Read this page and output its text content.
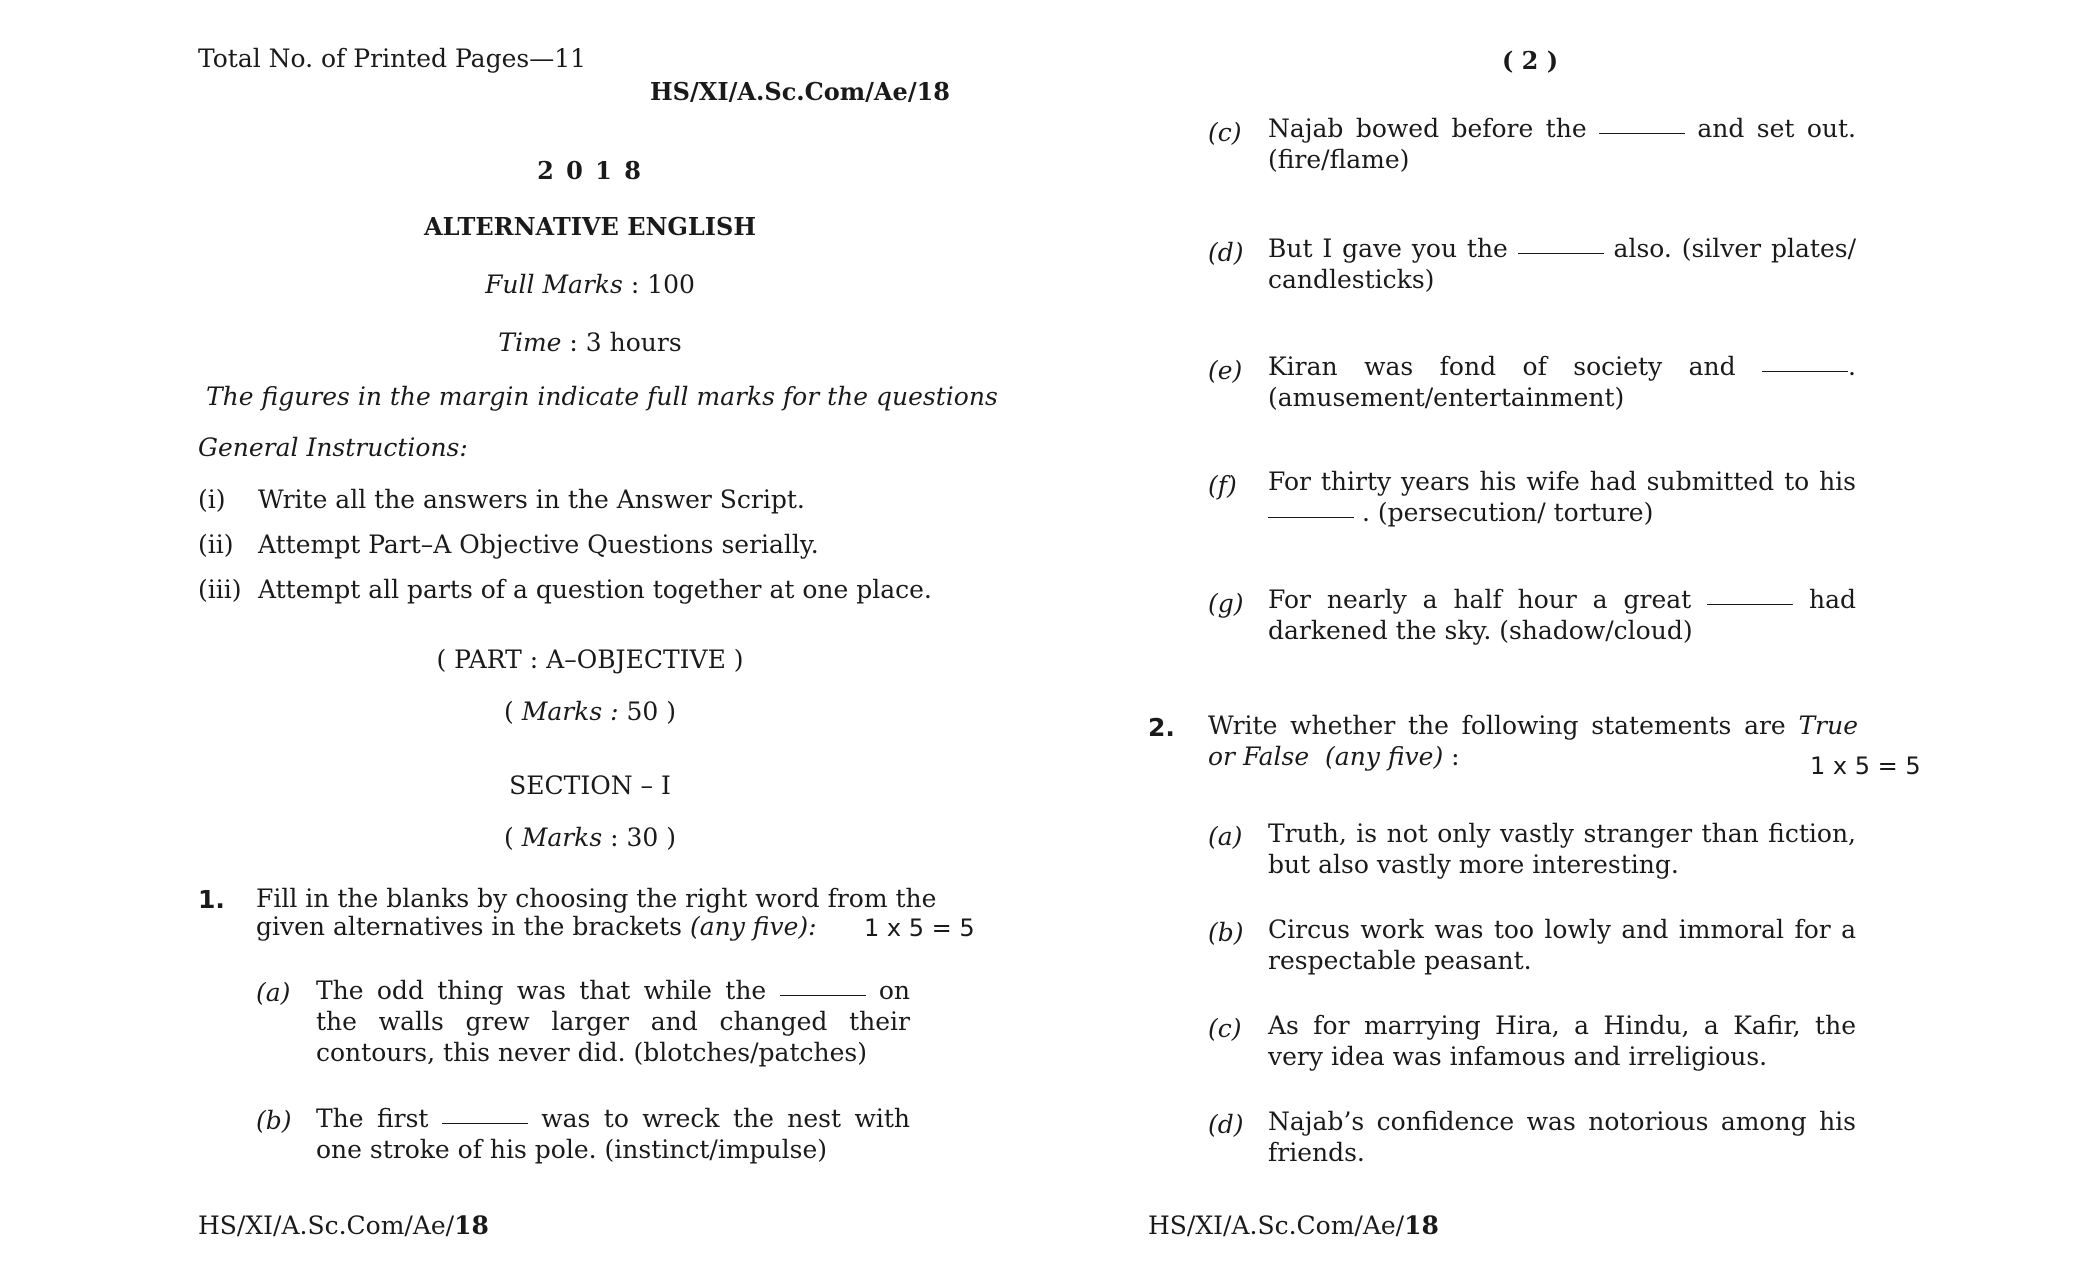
Total No. of Printed Pages—11
HS/XI/A.Sc.Com/Ae/18
2 0 1 8
ALTERNATIVE ENGLISH
Full Marks : 100
Time : 3 hours
The figures in the margin indicate full marks for the questions
General Instructions:
(i) Write all the answers in the Answer Script.
(ii) Attempt Part–A Objective Questions serially.
(iii) Attempt all parts of a question together at one place.
( PART : A–OBJECTIVE )
( Marks : 50 )
SECTION – I
( Marks : 30 )
1. Fill in the blanks by choosing the right word from the
given alternatives in the brackets (any five): 1 x 5 = 5
(a) The odd thing was that while the	on the walls grew larger and changed their contours, this never did. (blotches/patches)
(b) The first	was to wreck the nest with one stroke of his pole. (instinct/impulse)
HS/XI/A.Sc.Com/Ae/18
( 2 )
(c) Najab bowed before the	and set out. (fire/flame)
(d) But I gave you the	also. (silver plates/ candlesticks)
(e) Kiran was fond of society and	. (amusement/entertainment)
(f) For thirty years his wife had submitted to his  . (persecution/ torture)
(g) For nearly a half hour a great	had darkened the sky. (shadow/cloud)
2. Write whether the following statements are True or False (any five) :	1 x 5 = 5
(a) Truth, is not only vastly stranger than fiction, but also vastly more interesting.
(b) Circus work was too lowly and immoral for a respectable peasant.
(c) As for marrying Hira, a Hindu, a Kafir, the very idea was infamous and irreligious.
(d) Najab’s confidence was notorious among his friends.
HS/XI/A.Sc.Com/Ae/18
